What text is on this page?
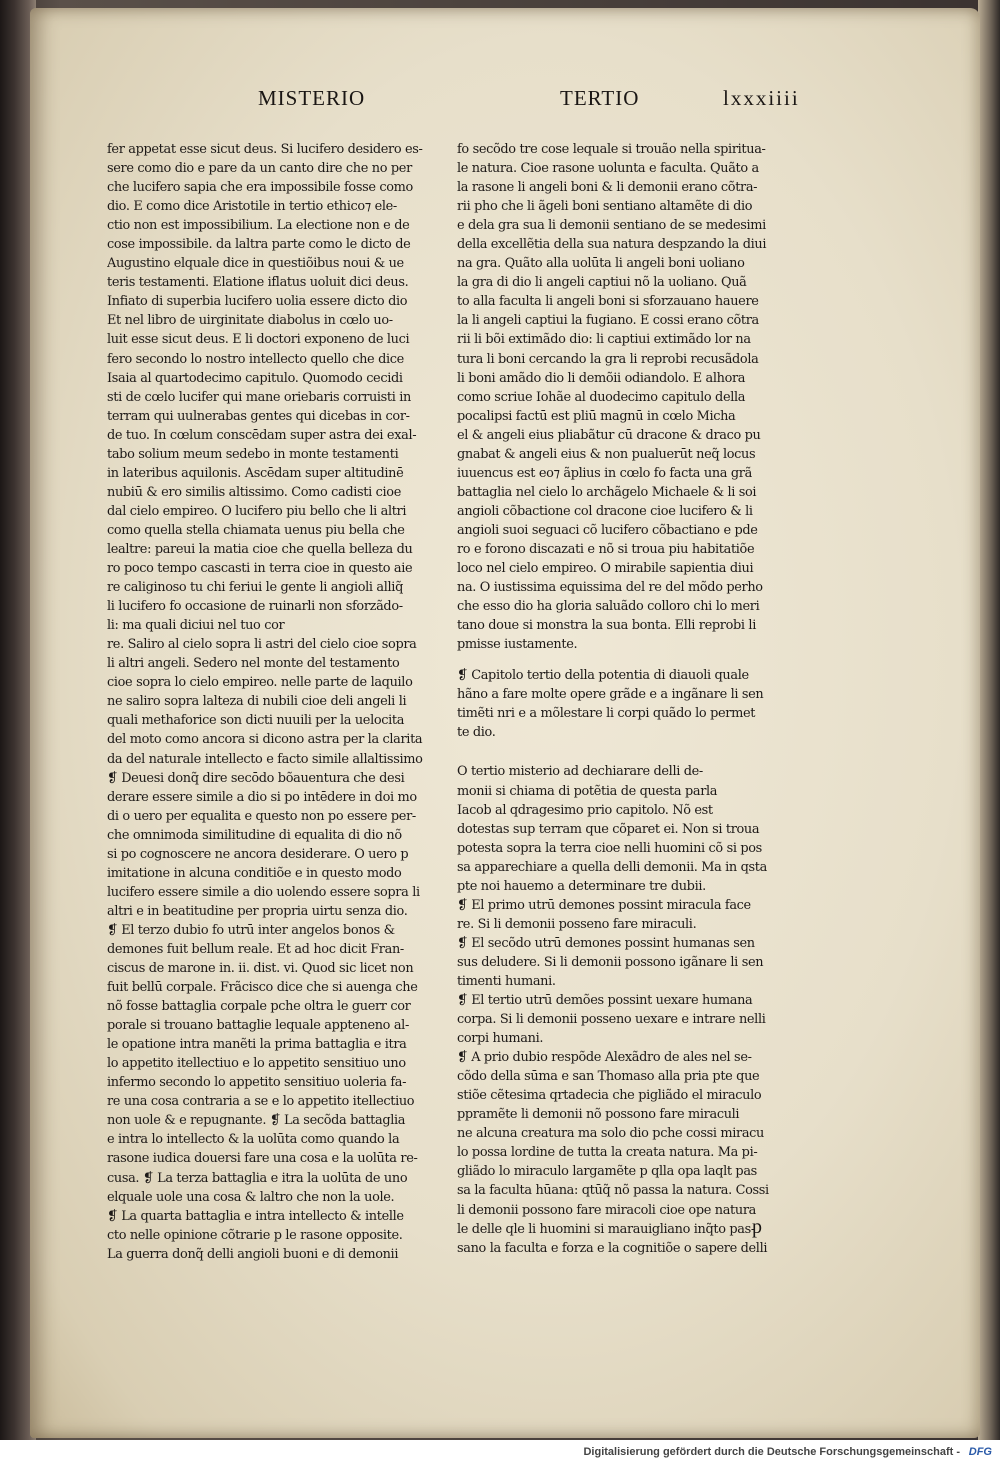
MISTERIO	TERTIO	lxxxiiii
fer appetat esse sicut deus. Si lucifero desidero es-
sere como dio e pare da un canto dire che no per
che lucifero sapia che era impossibile fosse como
dio. E como dice Aristotile in tertio ethico⁊ ele-
ctio non est impossibilium. La electione non e de
cose impossibile. da laltra parte como le dicto de
Augustino elquale dice in questiõibus noui & ue
teris testamenti. Elatione iflatus uoluit dici deus.
Infiato di superbia lucifero uolia essere dicto dio
Et nel libro de uirginitate diabolus in cœlo uo-
luit esse sicut deus. E li doctori exponeno de luci
fero secondo lo nostro intellecto quello che dice
Isaia al quartodecimo capitulo. Quomodo cecidi
sti de cœlo lucifer qui mane oriebaris corruisti in
terram qui uulnerabas gentes qui dicebas in cor-
de tuo. In cœlum conscēdam super astra dei exal-
tabo solium meum sedebo in monte testamenti
in lateribus aquilonis. Ascēdam super altitudinē
nubiū & ero similis altissimo. Como cadisti cioe
dal cielo empireo. O lucifero piu bello che li altri
como quella stella chiamata uenus piu bella che
lealtre: pareui la matia cioe che quella belleza du
ro poco tempo cascasti in terra cioe in questo aie
re caliginoso tu chi feriui le gente li angioli alliq̃
li lucifero fo occasione de ruinarli non sforzãdo-
li: ma quali diciui nel tuo cor
re. Saliro al cielo sopra li astri del cielo cioe sopra
li altri angeli. Sedero nel monte del testamento
cioe sopra lo cielo empireo. nelle parte de laquilo
ne saliro sopra lalteza di nubili cioe deli angeli li
quali methaforice son dicti nuuili per la uelocita
del moto como ancora si dicono astra per la clarita
da del naturale intellecto e facto simile allaltissimo
❡ Deuesi donq̃ dire secōdo bõauentura che desi
derare essere simile a dio si po intēdere in doi mo
di o uero per equalita e questo non po essere per-
che omnimoda similitudine di equalita di dio nõ
si po cognoscere ne ancora desiderare. O uero p
imitatione in alcuna conditiõe e in questo modo
lucifero essere simile a dio uolendo essere sopra li
altri e in beatitudine per propria uirtu senza dio.
❡ El terzo dubio fo utrū inter angelos bonos &
demones fuit bellum reale. Et ad hoc dicit Fran-
ciscus de marone in. ii. dist. vi. Quod sic licet non
fuit bellū corpale. Frãcisco dice che si auenga che
nõ fosse battaglia corpale pche oltra le guerr cor
porale si trouano battaglie lequale appteneno al-
le opatione intra manẽti la prima battaglia e itra
lo appetito itellectiuo e lo appetito sensitiuo uno
infermo secondo lo appetito sensitiuo uoleria fa-
re una cosa contraria a se e lo appetito itellectiuo
non uole & e repugnante. ❡ La secõda battaglia
e intra lo intellecto & la uolūta como quando la
rasone iudica douersi fare una cosa e la uolūta re-
cusa. ❡ La terza battaglia e itra la uolūta de uno
elquale uole una cosa & laltro che non la uole.
❡ La quarta battaglia e intra intellecto & intelle
cto nelle opinione cõtrarie p le rasone opposite.
La guerra donq̃ delli angioli buoni e di demonii
fo secõdo tre cose lequale si trouão nella spiritua-
le natura. Cioe rasone uolunta e faculta. Quãto a
la rasone li angeli boni & li demonii erano cõtra-
rii pho che li ãgeli boni sentiano altamẽte di dio
e dela gra sua li demonii sentiano de se medesimi
della excellẽtia della sua natura despzando la diui
na gra. Quãto alla uolūta li angeli boni uoliano
la gra di dio li angeli captiui nõ la uoliano. Quã
to alla faculta li angeli boni si sforzauano hauere
la li angeli captiui la fugiano. E cossi erano cõtra
rii li bõi extimãdo dio: li captiui extimãdo lor na
tura li boni cercando la gra li reprobi recusãdola
li boni amãdo dio li demõii odiandolo. E alhora
como scriue Iohãe al duodecimo capitulo della
pocalipsi factū est pliū magnū in cœlo Micha
el & angeli eius pliabãtur cū dracone & draco pu
gnabat & angeli eius & non pualuerūt neq̃ locus
iuuencus est eo⁊ ãplius in cœlo fo facta una grã
battaglia nel cielo lo archãgelo Michaele & li soi
angioli cõbactione col dracone cioe lucifero & li
angioli suoi seguaci cõ lucifero cõbactiano e pde
ro e forono discazati e nõ si troua piu habitatiõe
loco nel cielo empireo. O mirabile sapientia diui
na. O iustissima equissima del re del mõdo perho
che esso dio ha gloria saluãdo colloro chi lo meri
tano doue si monstra la sua bonta. Elli reprobi li
pmisse iustamente.
❡ Capitolo tertio della potentia di diauoli quale
hãno a fare molte opere grãde e a ingãnare li sen
timẽti nri e a mõlestare li corpi quãdo lo permet
te dio.
O tertio misterio ad dechiarare delli de-
monii si chiama di potẽtia de questa parla
Iacob al qdragesimo prio capitolo. Nõ est
dotestas sup terram que cõparet ei. Non si troua
potesta sopra la terra cioe nelli huomini cõ si pos
sa apparechiare a quella delli demonii. Ma in qsta
pte noi hauemo a determinare tre dubii.
❡ El primo utrū demones possint miracula face
re. Si li demonii posseno fare miraculi.
❡ El secõdo utrū demones possint humanas sen
sus deludere. Si li demonii possono igãnare li sen
timenti humani.
❡ El tertio utrū demões possint uexare humana
corpa. Si li demonii posseno uexare e intrare nelli
corpi humani.
❡ A prio dubio respõde Alexãdro de ales nel se-
cõdo della sūma e san Thomaso alla pria pte que
stiõe cẽtesima qrtadecia che pigliãdo el miraculo
ppramẽte li demonii nõ possono fare miraculi
ne alcuna creatura ma solo dio pche cossi miracu
lo possa lordine de tutta la creata natura. Ma pi-
gliãdo lo miraculo largamẽte p qlla opa laqlt pas
sa la faculta hūana: qtūq̃ nõ passa la natura. Cossi
li demonii possono fare miracoli cioe ope natura
le delle qle li huomini si marauigliano inq̃to pas-
sano la faculta e forza e la cognitiõe o sapere delli
p
Digitalisierung gefördert durch die Deutsche Forschungsgemeinschaft - DFG
